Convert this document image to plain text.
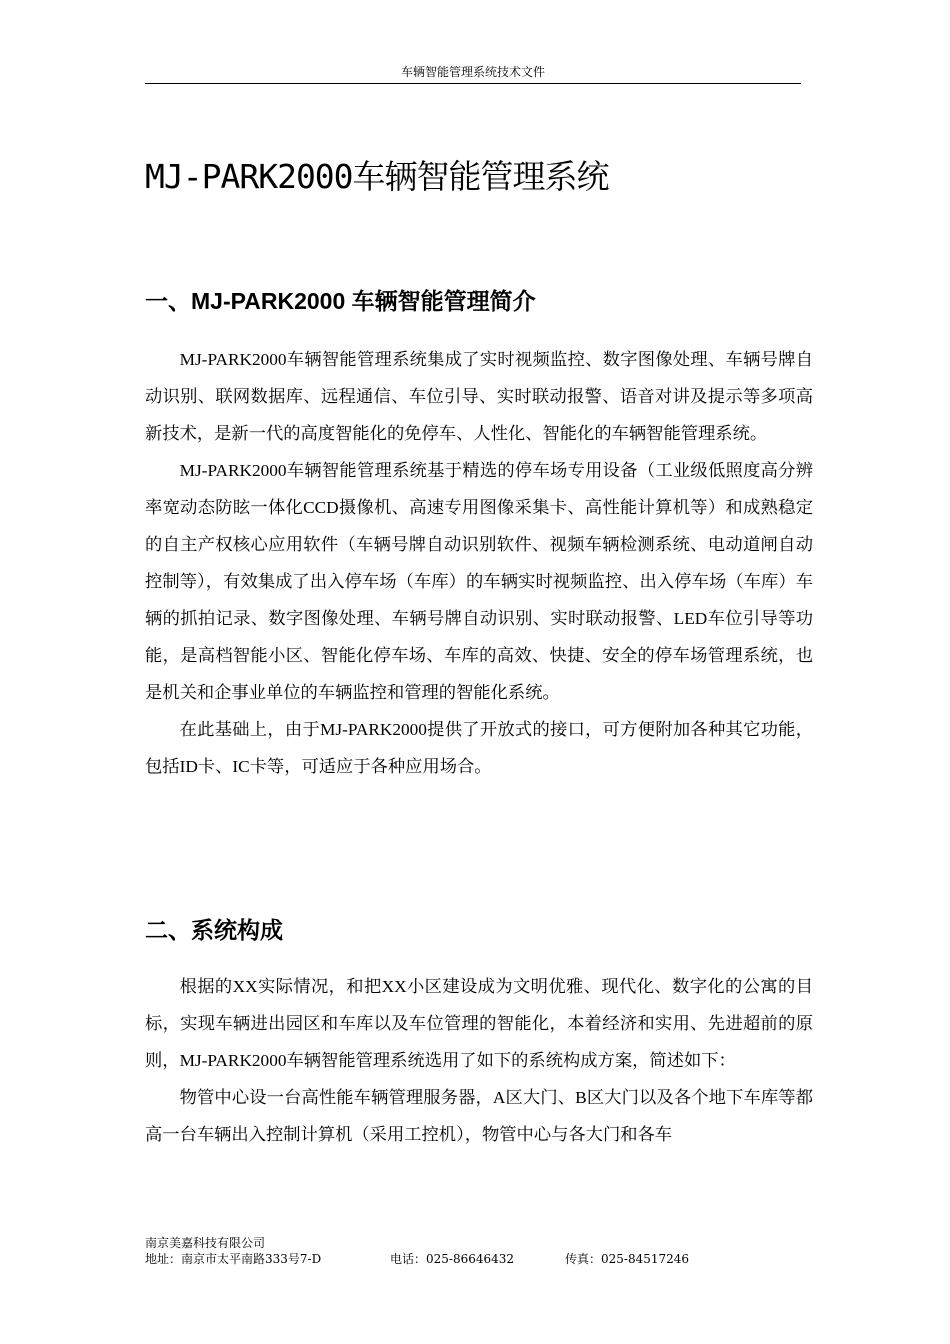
车辆智能管理系统技术文件
MJ-PARK2000车辆智能管理系统
一、MJ-PARK2000 车辆智能管理简介

MJ-PARK2000车辆智能管理系统集成了实时视频监控、数字图像处理、车辆号牌自动识别、联网数据库、远程通信、车位引导、实时联动报警、语音对讲及提示等多项高新技术，是新一代的高度智能化的免停车、人性化、智能化的车辆智能管理系统。

MJ-PARK2000车辆智能管理系统基于精选的停车场专用设备（工业级低照度高分辨率宽动态防眩一体化CCD摄像机、高速专用图像采集卡、高性能计算机等）和成熟稳定的自主产权核心应用软件（车辆号牌自动识别软件、视频车辆检测系统、电动道闸自动控制等），有效集成了出入停车场（车库）的车辆实时视频监控、出入停车场（车库）车辆的抓拍记录、数字图像处理、车辆号牌自动识别、实时联动报警、LED车位引导等功能，是高档智能小区、智能化停车场、车库的高效、快捷、安全的停车场管理系统，也是机关和企事业单位的车辆监控和管理的智能化系统。

在此基础上，由于MJ-PARK2000提供了开放式的接口，可方便附加各种其它功能，包括ID卡、IC卡等，可适应于各种应用场合。

二、系统构成

根据的XX实际情况，和把XX小区建设成为文明优雅、现代化、数字化的公寓的目标，实现车辆进出园区和车库以及车位管理的智能化，本着经济和实用、先进超前的原则，MJ-PARK2000车辆智能管理系统选用了如下的系统构成方案，简述如下：

物管中心设一台高性能车辆管理服务器，A区大门、B区大门以及各个地下车库等都高一台车辆出入控制计算机（采用工控机），物管中心与各大门和各车

南京美嘉科技有限公司
地址：南京市太平南路333号7-D	电话：025-86646432	传真：025-84517246
